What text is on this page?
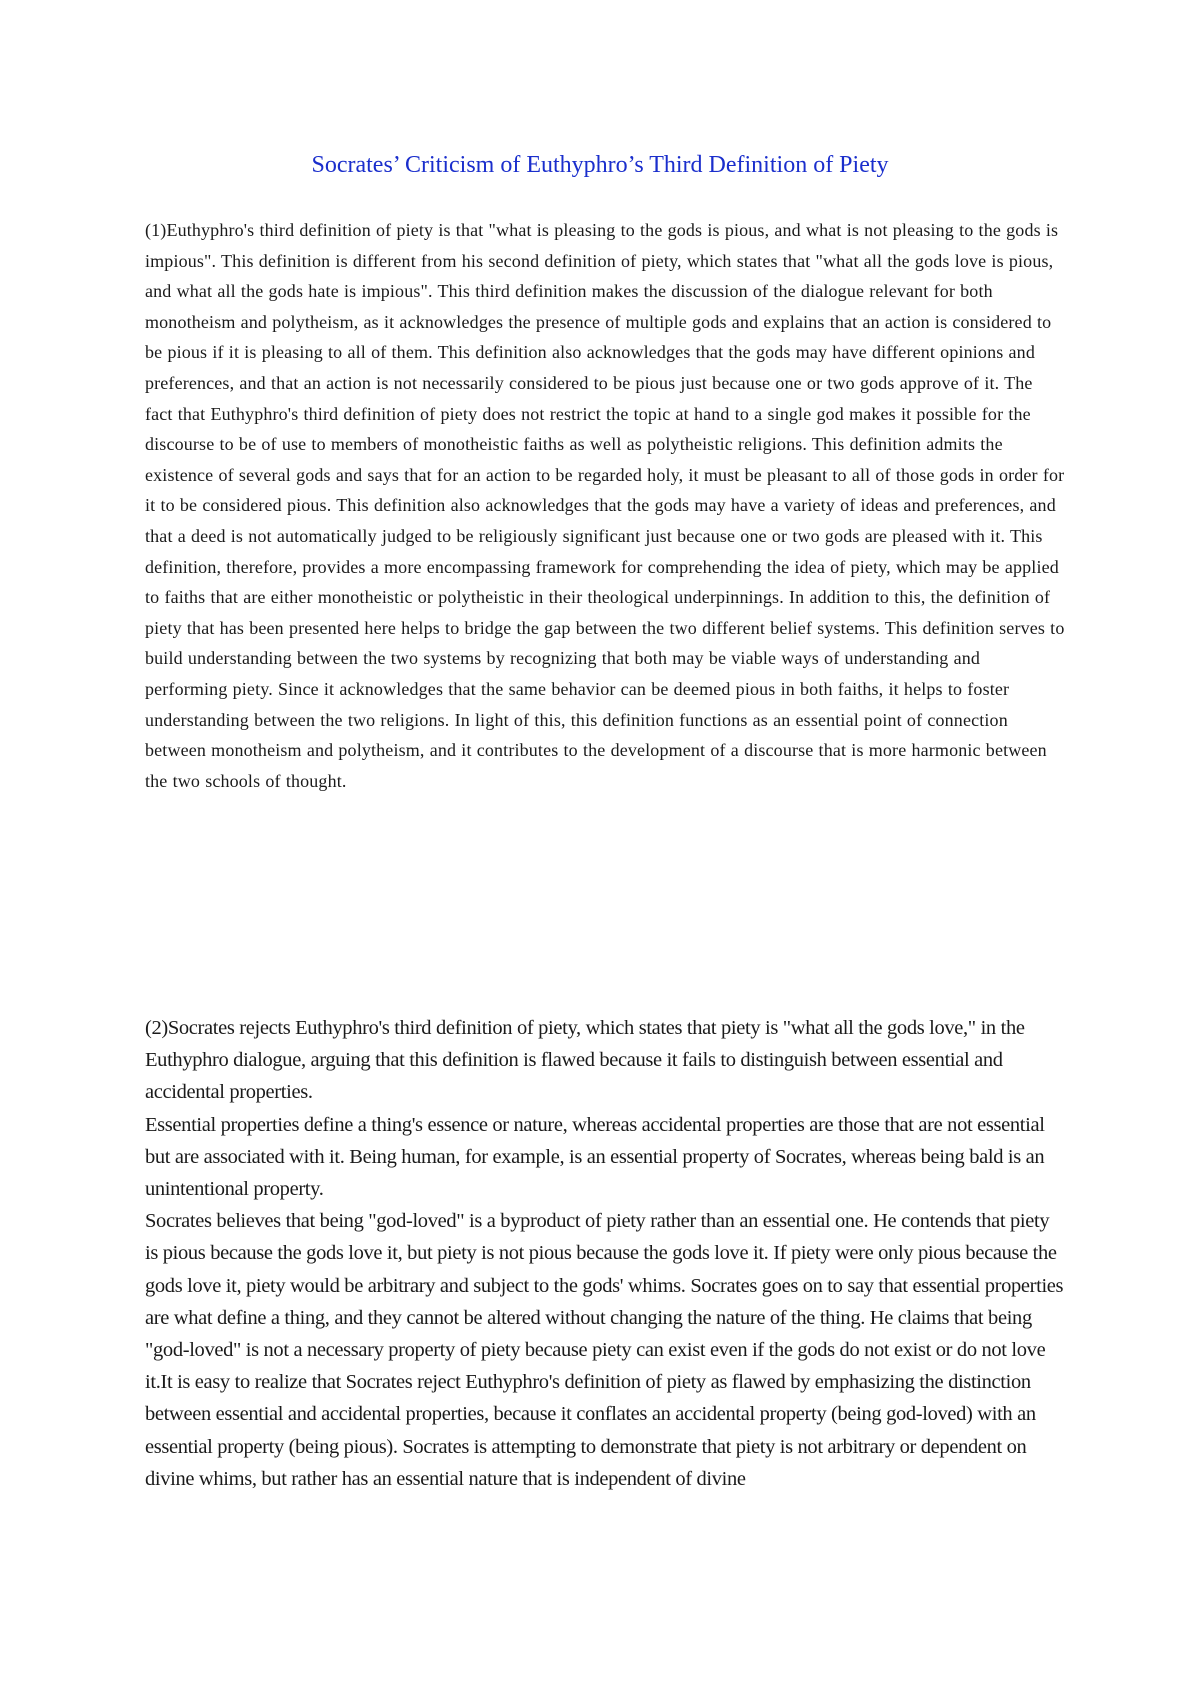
Socrates’ Criticism of Euthyphro’s Third Definition of Piety

(1)Euthyphro's third definition of piety is that "what is pleasing to the gods is pious, and what is not pleasing to the gods is impious". This definition is different from his second definition of piety, which states that "what all the gods love is pious, and what all the gods hate is impious". This third definition makes the discussion of the dialogue relevant for both monotheism and polytheism, as it acknowledges the presence of multiple gods and explains that an action is considered to be pious if it is pleasing to all of them. This definition also acknowledges that the gods may have different opinions and preferences, and that an action is not necessarily considered to be pious just because one or two gods approve of it. The fact that Euthyphro's third definition of piety does not restrict the topic at hand to a single god makes it possible for the discourse to be of use to members of monotheistic faiths as well as polytheistic religions. This definition admits the existence of several gods and says that for an action to be regarded holy, it must be pleasant to all of those gods in order for it to be considered pious. This definition also acknowledges that the gods may have a variety of ideas and preferences, and that a deed is not automatically judged to be religiously significant just because one or two gods are pleased with it. This definition, therefore, provides a more encompassing framework for comprehending the idea of piety, which may be applied to faiths that are either monotheistic or polytheistic in their theological underpinnings. In addition to this, the definition of piety that has been presented here helps to bridge the gap between the two different belief systems. This definition serves to build understanding between the two systems by recognizing that both may be viable ways of understanding and performing piety. Since it acknowledges that the same behavior can be deemed pious in both faiths, it helps to foster understanding between the two religions. In light of this, this definition functions as an essential point of connection between monotheism and polytheism, and it contributes to the development of a discourse that is more harmonic between the two schools of thought.

(2)Socrates rejects Euthyphro's third definition of piety, which states that piety is "what all the gods love," in the Euthyphro dialogue, arguing that this definition is flawed because it fails to distinguish between essential and accidental properties.
Essential properties define a thing's essence or nature, whereas accidental properties are those that are not essential but are associated with it. Being human, for example, is an essential property of Socrates, whereas being bald is an unintentional property.
Socrates believes that being "god-loved" is a byproduct of piety rather than an essential one. He contends that piety is pious because the gods love it, but piety is not pious because the gods love it. If piety were only pious because the gods love it, piety would be arbitrary and subject to the gods' whims. Socrates goes on to say that essential properties are what define a thing, and they cannot be altered without changing the nature of the thing. He claims that being "god-loved" is not a necessary property of piety because piety can exist even if the gods do not exist or do not love it.It is easy to realize that Socrates reject Euthyphro's definition of piety as flawed by emphasizing the distinction between essential and accidental properties, because it conflates an accidental property (being god-loved) with an essential property (being pious). Socrates is attempting to demonstrate that piety is not arbitrary or dependent on divine whims, but rather has an essential nature that is independent of divine
